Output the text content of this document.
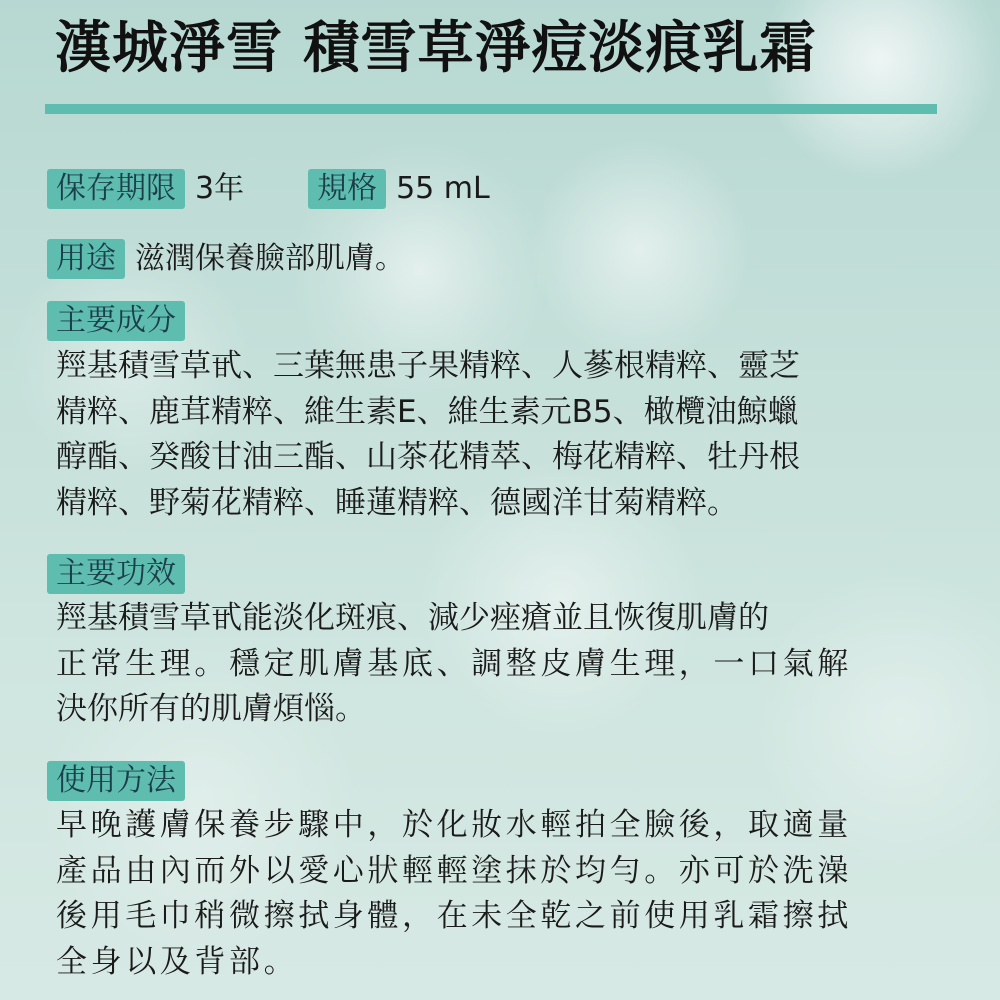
漢城淨雪 積雪草淨痘淡痕乳霜
保存期限 3年	規格 55 mL
用途 滋潤保養臉部肌膚。
主要成分
羥基積雪草甙、三葉無患子果精粹、人蔘根精粹、靈芝
精粹、鹿茸精粹、維生素E、維生素元B5、橄欖油鯨蠟
醇酯、癸酸甘油三酯、山茶花精萃、梅花精粹、牡丹根
精粹、野菊花精粹、睡蓮精粹、德國洋甘菊精粹。
主要功效
羥基積雪草甙能淡化斑痕、減少痤瘡並且恢復肌膚的
正常生理。穩定肌膚基底、調整皮膚生理，一口氣解
決你所有的肌膚煩惱。
使用方法
早晚護膚保養步驟中，於化妝水輕拍全臉後，取適量
產品由內而外以愛心狀輕輕塗抹於均勻。亦可於洗澡
後用毛巾稍微擦拭身體，在未全乾之前使用乳霜擦拭
全身以及背部。
